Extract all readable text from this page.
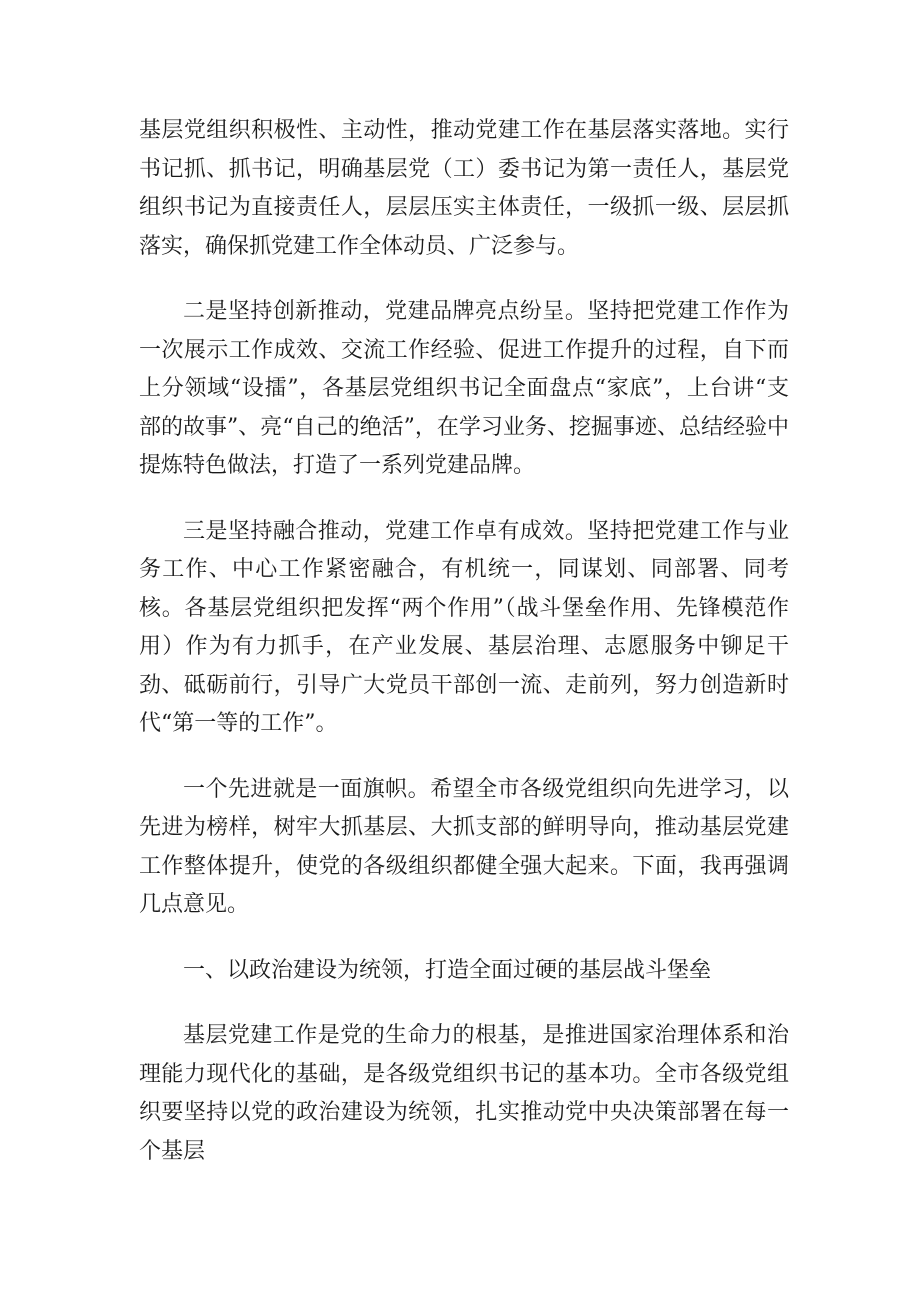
基层党组织积极性、主动性，推动党建工作在基层落实落地。实行书记抓、抓书记，明确基层党（工）委书记为第一责任人，基层党组织书记为直接责任人，层层压实主体责任，一级抓一级、层层抓落实，确保抓党建工作全体动员、广泛参与。

二是坚持创新推动，党建品牌亮点纷呈。坚持把党建工作作为一次展示工作成效、交流工作经验、促进工作提升的过程，自下而上分领域“设擂”，各基层党组织书记全面盘点“家底”，上台讲“支部的故事”、亮“自己的绝活”，在学习业务、挖掘事迹、总结经验中提炼特色做法，打造了一系列党建品牌。

三是坚持融合推动，党建工作卓有成效。坚持把党建工作与业务工作、中心工作紧密融合，有机统一，同谋划、同部署、同考核。各基层党组织把发挥“两个作用”（战斗堡垒作用、先锋模范作用）作为有力抓手，在产业发展、基层治理、志愿服务中铆足干劲、砥砺前行，引导广大党员干部创一流、走前列，努力创造新时代“第一等的工作”。

一个先进就是一面旗帜。希望全市各级党组织向先进学习，以先进为榜样，树牢大抓基层、大抓支部的鲜明导向，推动基层党建工作整体提升，使党的各级组织都健全强大起来。下面，我再强调几点意见。

一、以政治建设为统领，打造全面过硬的基层战斗堡垒

基层党建工作是党的生命力的根基，是推进国家治理体系和治理能力现代化的基础，是各级党组织书记的基本功。全市各级党组织要坚持以党的政治建设为统领，扎实推动党中央决策部署在每一个基层
